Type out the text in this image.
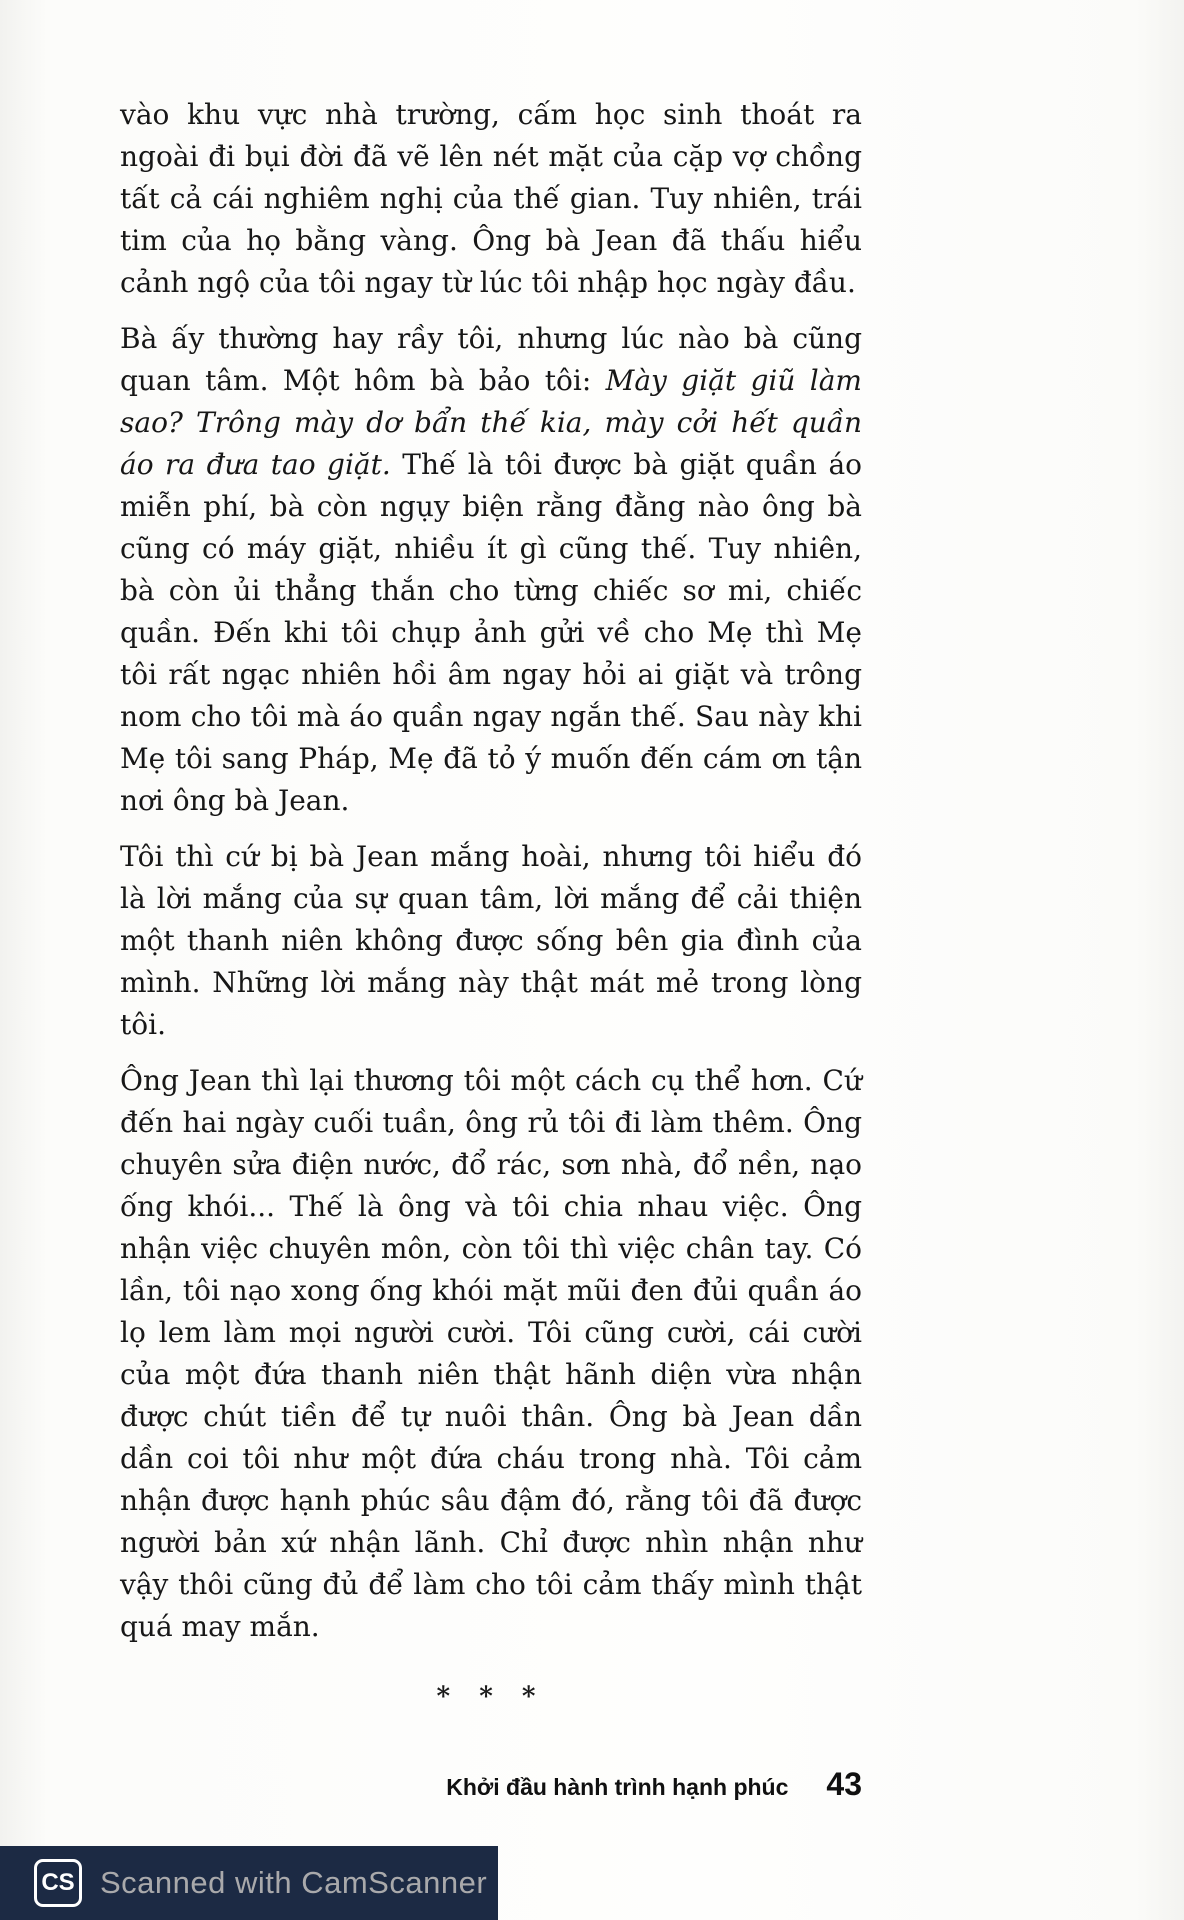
vào khu vực nhà trường, cấm học sinh thoát ra ngoài đi bụi đời đã vẽ lên nét mặt của cặp vợ chồng tất cả cái nghiêm nghị của thế gian. Tuy nhiên, trái tim của họ bằng vàng. Ông bà Jean đã thấu hiểu cảnh ngộ của tôi ngay từ lúc tôi nhập học ngày đầu.

Bà ấy thường hay rầy tôi, nhưng lúc nào bà cũng quan tâm. Một hôm bà bảo tôi: Mày giặt giũ làm sao? Trông mày dơ bẩn thế kia, mày cởi hết quần áo ra đưa tao giặt. Thế là tôi được bà giặt quần áo miễn phí, bà còn ngụy biện rằng đằng nào ông bà cũng có máy giặt, nhiều ít gì cũng thế. Tuy nhiên, bà còn ủi thẳng thắn cho từng chiếc sơ mi, chiếc quần. Đến khi tôi chụp ảnh gửi về cho Mẹ thì Mẹ tôi rất ngạc nhiên hồi âm ngay hỏi ai giặt và trông nom cho tôi mà áo quần ngay ngắn thế. Sau này khi Mẹ tôi sang Pháp, Mẹ đã tỏ ý muốn đến cám ơn tận nơi ông bà Jean.

Tôi thì cứ bị bà Jean mắng hoài, nhưng tôi hiểu đó là lời mắng của sự quan tâm, lời mắng để cải thiện một thanh niên không được sống bên gia đình của mình. Những lời mắng này thật mát mẻ trong lòng tôi.

Ông Jean thì lại thương tôi một cách cụ thể hơn. Cứ đến hai ngày cuối tuần, ông rủ tôi đi làm thêm. Ông chuyên sửa điện nước, đổ rác, sơn nhà, đổ nền, nạo ống khói... Thế là ông và tôi chia nhau việc. Ông nhận việc chuyên môn, còn tôi thì việc chân tay. Có lần, tôi nạo xong ống khói mặt mũi đen đủi quần áo lọ lem làm mọi người cười. Tôi cũng cười, cái cười của một đứa thanh niên thật hãnh diện vừa nhận được chút tiền để tự nuôi thân. Ông bà Jean dần dần coi tôi như một đứa cháu trong nhà. Tôi cảm nhận được hạnh phúc sâu đậm đó, rằng tôi đã được người bản xứ nhận lãnh. Chỉ được nhìn nhận như vậy thôi cũng đủ để làm cho tôi cảm thấy mình thật quá may mắn.

* * *
Khởi đầu hành trình hạnh phúc 43
CS Scanned with CamScanner
